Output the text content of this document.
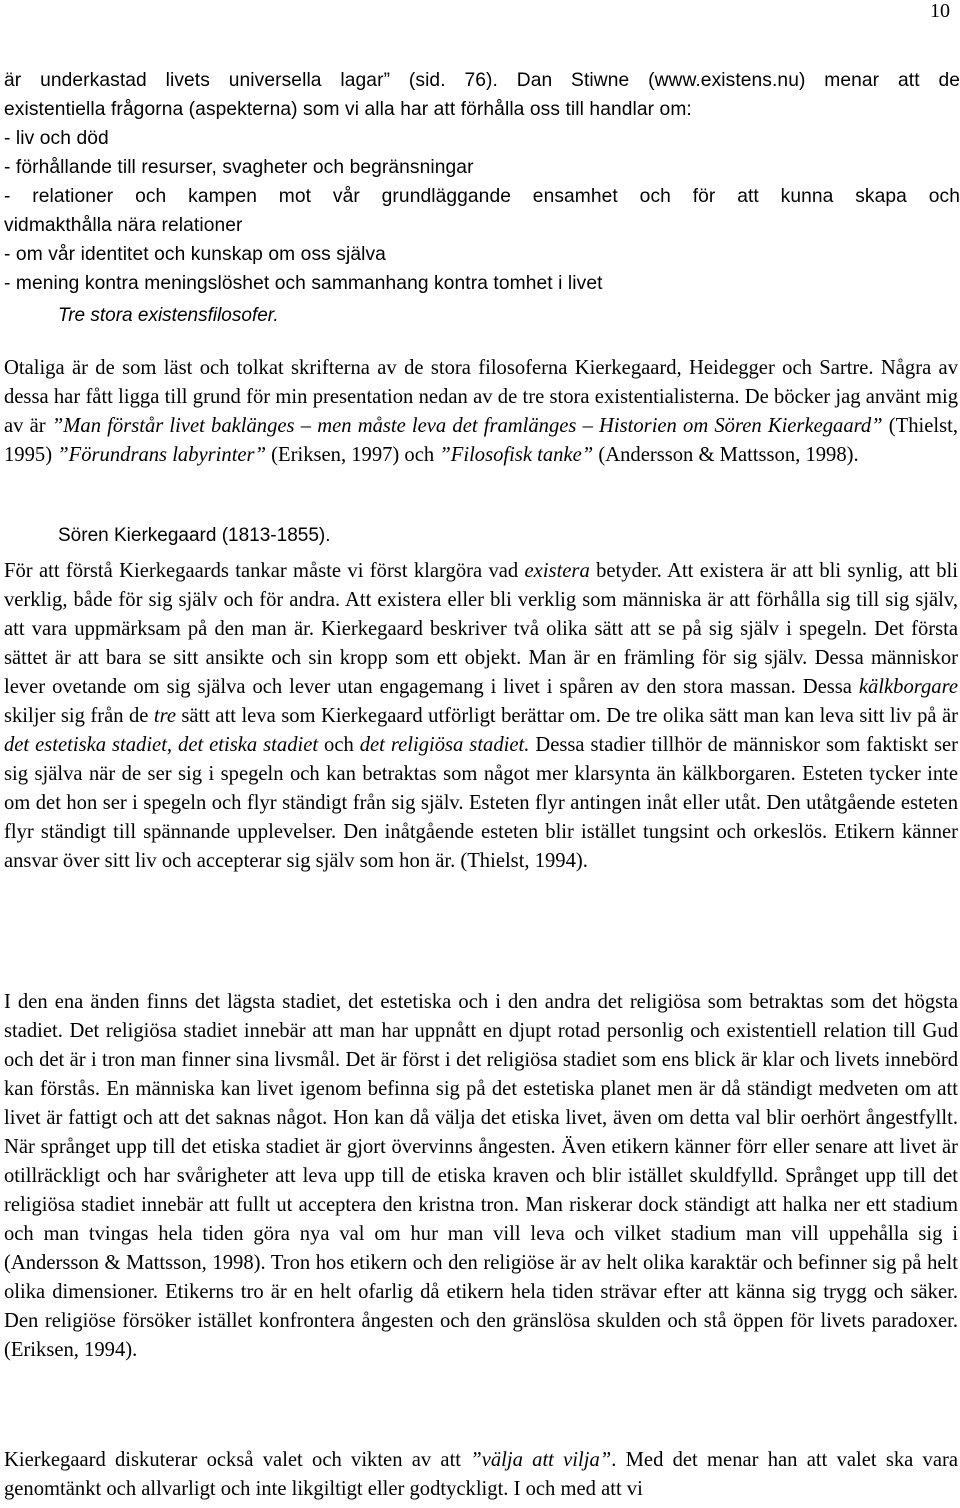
10
är underkastad livets universella lagar” (sid. 76). Dan Stiwne (www.existens.nu) menar att de
existentiella frågorna (aspekterna) som vi alla har att förhålla oss till handlar om:
- liv och död
- förhållande till resurser, svagheter och begränsningar
- relationer och kampen mot vår grundläggande ensamhet och för att kunna skapa och
vidmakthålla nära relationer
- om vår identitet och kunskap om oss själva
- mening kontra meningslöshet och sammanhang kontra tomhet i livet
Tre stora existensfilosofer.
Otaliga är de som läst och tolkat skrifterna av de stora filosoferna Kierkegaard, Heidegger och Sartre. Några av dessa har fått ligga till grund för min presentation nedan av de tre stora existentialisterna. De böcker jag använt mig av är ”Man förstår livet baklänges – men måste leva det framlänges – Historien om Sören Kierkegaard” (Thielst, 1995) ”Förundrans labyrinter” (Eriksen, 1997) och ”Filosofisk tanke” (Andersson & Mattsson, 1998).
Sören Kierkegaard (1813-1855).
För att förstå Kierkegaards tankar måste vi först klargöra vad existera betyder. Att existera är att bli synlig, att bli verklig, både för sig själv och för andra. Att existera eller bli verklig som människa är att förhålla sig till sig själv, att vara uppmärksam på den man är. Kierkegaard beskriver två olika sätt att se på sig själv i spegeln. Det första sättet är att bara se sitt ansikte och sin kropp som ett objekt. Man är en främling för sig själv. Dessa människor lever ovetande om sig själva och lever utan engagemang i livet i spåren av den stora massan. Dessa kälkborgare skiljer sig från de tre sätt att leva som Kierkegaard utförligt berättar om. De tre olika sätt man kan leva sitt liv på är det estetiska stadiet, det etiska stadiet och det religiösa stadiet. Dessa stadier tillhör de människor som faktiskt ser sig själva när de ser sig i spegeln och kan betraktas som något mer klarsynta än kälkborgaren. Esteten tycker inte om det hon ser i spegeln och flyr ständigt från sig själv. Esteten flyr antingen inåt eller utåt. Den utåtgående esteten flyr ständigt till spännande upplevelser. Den inåtgående esteten blir istället tungsint och orkeslös. Etikern känner ansvar över sitt liv och accepterar sig själv som hon är. (Thielst, 1994).
I den ena änden finns det lägsta stadiet, det estetiska och i den andra det religiösa som betraktas som det högsta stadiet. Det religiösa stadiet innebär att man har uppnått en djupt rotad personlig och existentiell relation till Gud och det är i tron man finner sina livsmål. Det är först i det religiösa stadiet som ens blick är klar och livets innebörd kan förstås. En människa kan livet igenom befinna sig på det estetiska planet men är då ständigt medveten om att livet är fattigt och att det saknas något. Hon kan då välja det etiska livet, även om detta val blir oerhört ångestfyllt. När språnget upp till det etiska stadiet är gjort övervinns ångesten. Även etikern känner förr eller senare att livet är otillräckligt och har svårigheter att leva upp till de etiska kraven och blir istället skuldfylld. Språnget upp till det religiösa stadiet innebär att fullt ut acceptera den kristna tron. Man riskerar dock ständigt att halka ner ett stadium och man tvingas hela tiden göra nya val om hur man vill leva och vilket stadium man vill uppehålla sig i (Andersson & Mattsson, 1998). Tron hos etikern och den religiöse är av helt olika karaktär och befinner sig på helt olika dimensioner. Etikerns tro är en helt ofarlig då etikern hela tiden strävar efter att känna sig trygg och säker. Den religiöse försöker istället konfrontera ångesten och den gränslösa skulden och stå öppen för livets paradoxer. (Eriksen, 1994).
Kierkegaard diskuterar också valet och vikten av att ”välja att vilja”. Med det menar han att valet ska vara genomtänkt och allvarligt och inte likgiltigt eller godtyckligt. I och med att vi
